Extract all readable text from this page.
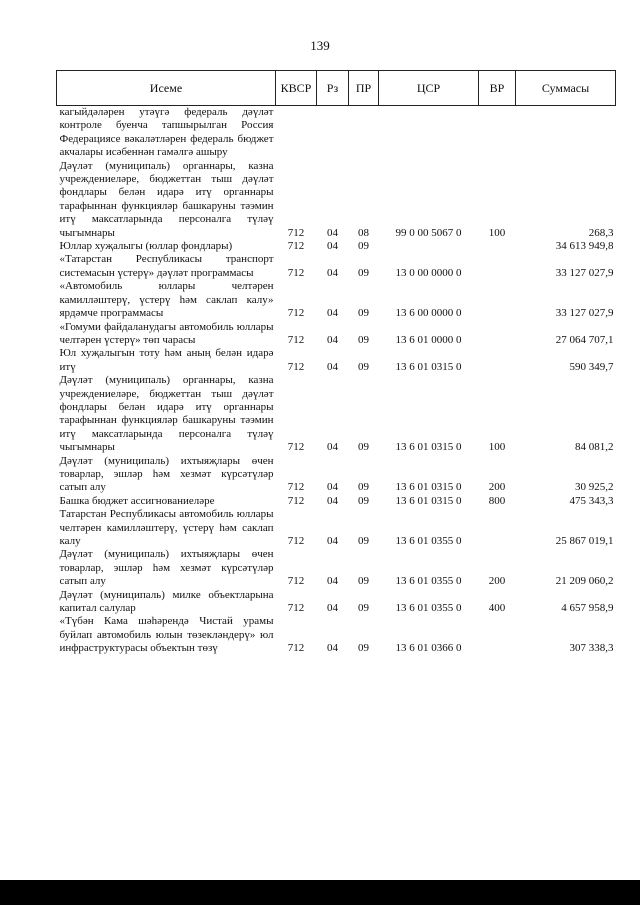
139
Исеме	КВСР	Рз	ПР	ЦСР	ВР	Суммасы
кагыйдәләрен утәүгә федераль дәүләт контроле буенча тапшырылган Россия Федерациясе вәкаләтләрен федераль бюджет акчалары исәбеннән гамәлгә ашыру						
Дәүләт (муниципаль) органнары, казна учреждениеләре, бюджеттан тыш дәүләт фондлары белән идарә итү органнары тарафыннан функцияләр башкаруны тәэмин итү максатларында персоналга түләү чыгымнары	712	04	08	99 0 00 5067 0	100	268,3
Юллар хуҗалыгы (юллар фондлары)	712	04	09			34 613 949,8
«Татарстан Республикасы транспорт системасын үстерү» дәүләт программасы	712	04	09	13 0 00 0000 0		33 127 027,9
«Автомобиль юллары челтәрен камилләштерү, үстерү һәм саклап калу» ярдәмче программасы	712	04	09	13 6 00 0000 0		33 127 027,9
«Гомуми файдаланудагы автомобиль юллары челтәрен үстерү» төп чарасы	712	04	09	13 6 01 0000 0		27 064 707,1
Юл хуҗалыгын тоту һәм аның белән идарә итү	712	04	09	13 6 01 0315 0		590 349,7
Дәүләт (муниципаль) органнары, казна учреждениеләре, бюджеттан тыш дәүләт фондлары белән идарә итү органнары тарафыннан функцияләр башкаруны тәэмин итү максатларында персоналга түләү чыгымнары	712	04	09	13 6 01 0315 0	100	84 081,2
Дәүләт (муниципаль) ихтыяҗлары өчен товарлар, эшләр һәм хезмәт күрсәтүләр сатып алу	712	04	09	13 6 01 0315 0	200	30 925,2
Башка бюджет ассигнованиеләре	712	04	09	13 6 01 0315 0	800	475 343,3
Татарстан Республикасы автомобиль юллары челтәрен камилләштерү, үстерү һәм саклап калу	712	04	09	13 6 01 0355 0		25 867 019,1
Дәүләт (муниципаль) ихтыяҗлары өчен товарлар, эшләр һәм хезмәт күрсәтүләр сатып алу	712	04	09	13 6 01 0355 0	200	21 209 060,2
Дәүләт (муниципаль) милке объектларына капитал салулар	712	04	09	13 6 01 0355 0	400	4 657 958,9
«Түбән Кама шәһәрендә Чистай урамы буйлап автомобиль юлын төзекләндерү» юл инфраструктурасы объектын төзү	712	04	09	13 6 01 0366 0		307 338,3
